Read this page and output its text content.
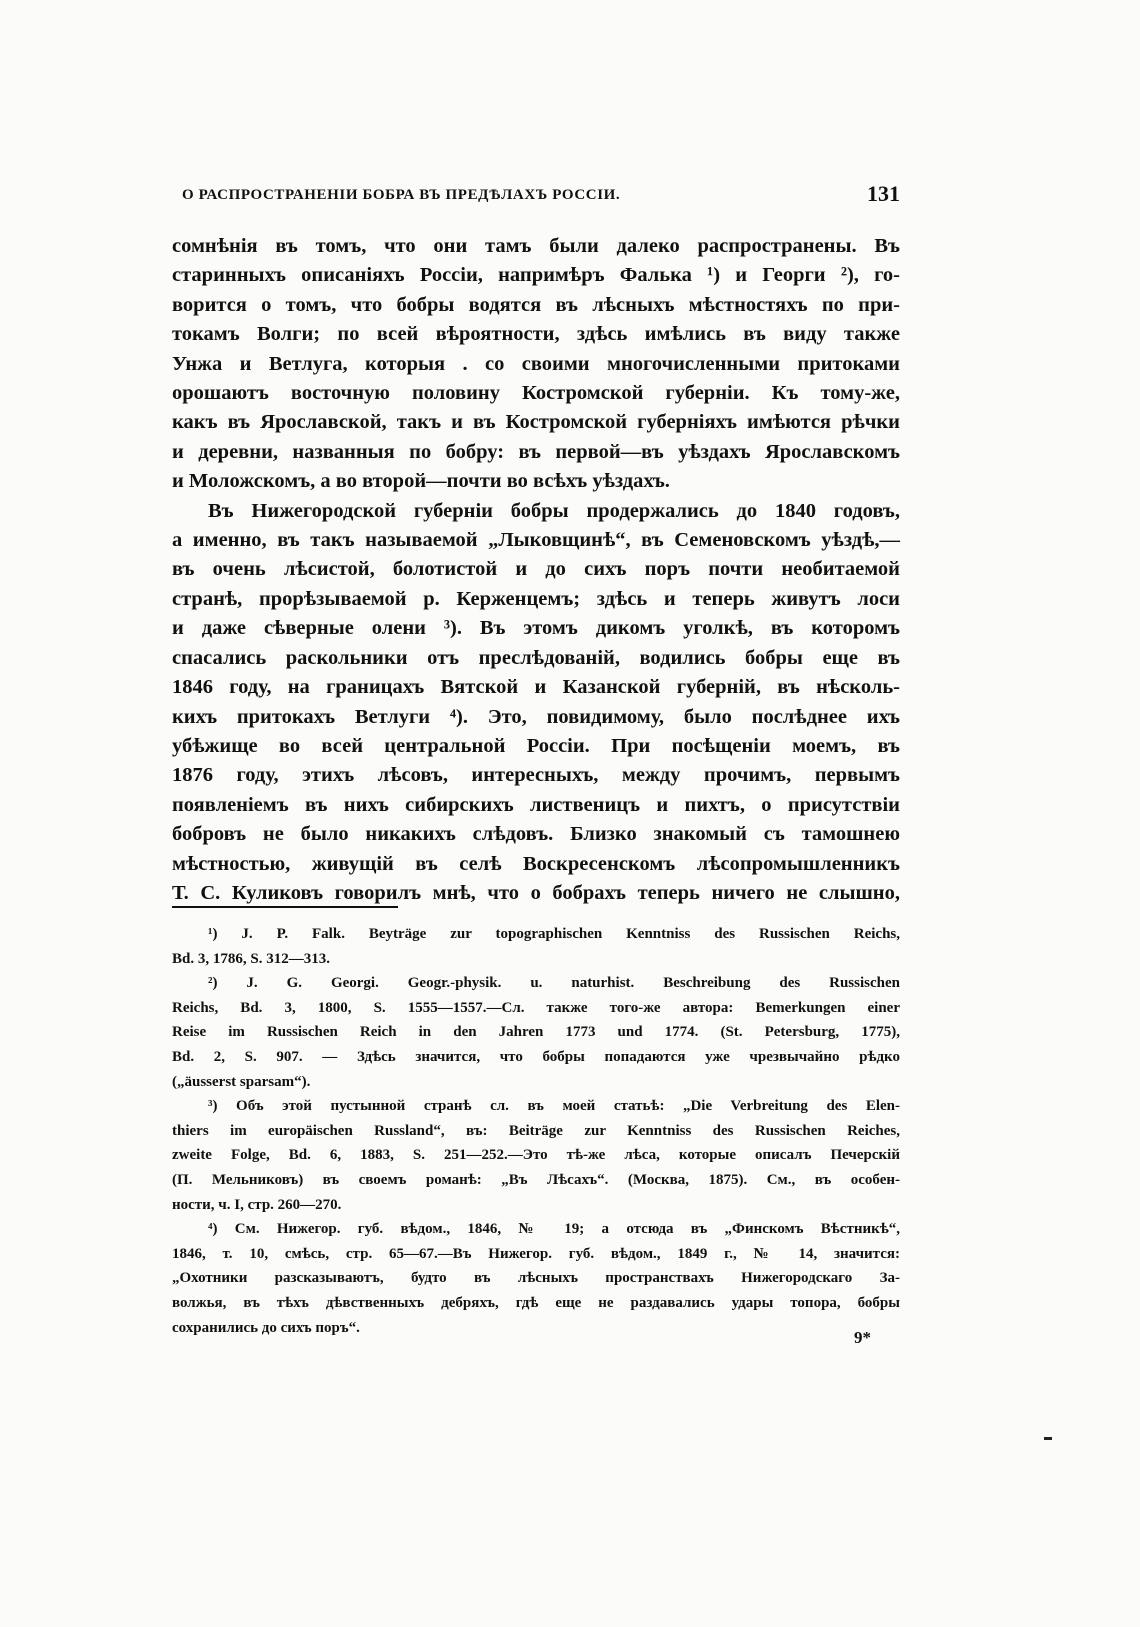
О РАСПРОСТРАНЕНІИ БОБРА ВЪ ПРЕДѢЛАХЪ РОССІИ.	131
сомнѣнія въ томъ, что они тамъ были далеко распространены. Въ
старинныхъ описаніяхъ Россіи, напримѣръ Фалька ¹) и Георги ²), го-
ворится о томъ, что бобры водятся въ лѣсныхъ мѣстностяхъ по при-
токамъ Волги; по всей вѣроятности, здѣсь имѣлись въ виду также
Унжа и Ветлуга, которыя . со своими многочисленными притоками
орошаютъ восточную половину Костромской губерніи. Къ тому-же,
какъ въ Ярославской, такъ и въ Костромской губерніяхъ имѣются рѣчки
и деревни, названныя по бобру: въ первой—въ уѣздахъ Ярославскомъ
и Моложскомъ, а во второй—почти во всѣхъ уѣздахъ.
Въ Нижегородской губерніи бобры продержались до 1840 годовъ,
а именно, въ такъ называемой „Лыковщинѣ“, въ Семеновскомъ уѣздѣ,—
въ очень лѣсистой, болотистой и до сихъ поръ почти необитаемой
странѣ, прорѣзываемой р. Керженцемъ; здѣсь и теперь живутъ лоси
и даже сѣверные олени ³). Въ этомъ дикомъ уголкѣ, въ которомъ
спасались раскольники отъ преслѣдованій, водились бобры еще въ
1846 году, на границахъ Вятской и Казанской губерній, въ нѣсколь-
кихъ притокахъ Ветлуги ⁴). Это, повидимому, было послѣднее ихъ
убѣжище во всей центральной Россіи. При посѣщеніи моемъ, въ
1876 году, этихъ лѣсовъ, интересныхъ, между прочимъ, первымъ
появленіемъ въ нихъ сибирскихъ лиственицъ и пихтъ, о присутствіи
бобровъ не было никакихъ слѣдовъ. Близко знакомый съ тамошнею
мѣстностью, живущій въ селѣ Воскресенскомъ лѣсопромышленникъ
Т. С. Куликовъ говорилъ мнѣ, что о бобрахъ теперь ничего не слышно,
¹) J. P. Falk. Beyträge zur topographischen Kenntniss des Russischen Reichs,
Bd. 3, 1786, S. 312—313.
²) J. G. Georgi. Geogr.-physik. u. naturhist. Beschreibung des Russischen
Reichs, Bd. 3, 1800, S. 1555—1557.—Сл. также того-же автора: Bemerkungen einer
Reise im Russischen Reich in den Jahren 1773 und 1774. (St. Petersburg, 1775),
Bd. 2, S. 907. — Здѣсь значится, что бобры попадаются уже чрезвычайно рѣдко
(„äusserst sparsam“).
³) Объ этой пустынной странѣ сл. въ моей статьѣ: „Die Verbreitung des Elen-
thiers im europäischen Russland“, въ: Beiträge zur Kenntniss des Russischen Reiches,
zweite Folge, Bd. 6, 1883, S. 251—252.—Это тѣ-же лѣса, которые описалъ Печерскій
(П. Мельниковъ) въ своемъ романѣ: „Въ Лѣсахъ“. (Москва, 1875). См., въ особен-
ности, ч. I, стр. 260—270.
⁴) См. Нижегор. губ. вѣдом., 1846, № 19; а отсюда въ „Финскомъ Вѣстникѣ“,
1846, т. 10, смѣсь, стр. 65—67.—Въ Нижегор. губ. вѣдом., 1849 г., № 14, значится:
„Охотники разсказываютъ, будто въ лѣсныхъ пространствахъ Нижегородскаго За-
волжья, въ тѣхъ дѣвственныхъ дебряхъ, гдѣ еще не раздавались удары топора, бобры
сохранились до сихъ поръ“.
9*
